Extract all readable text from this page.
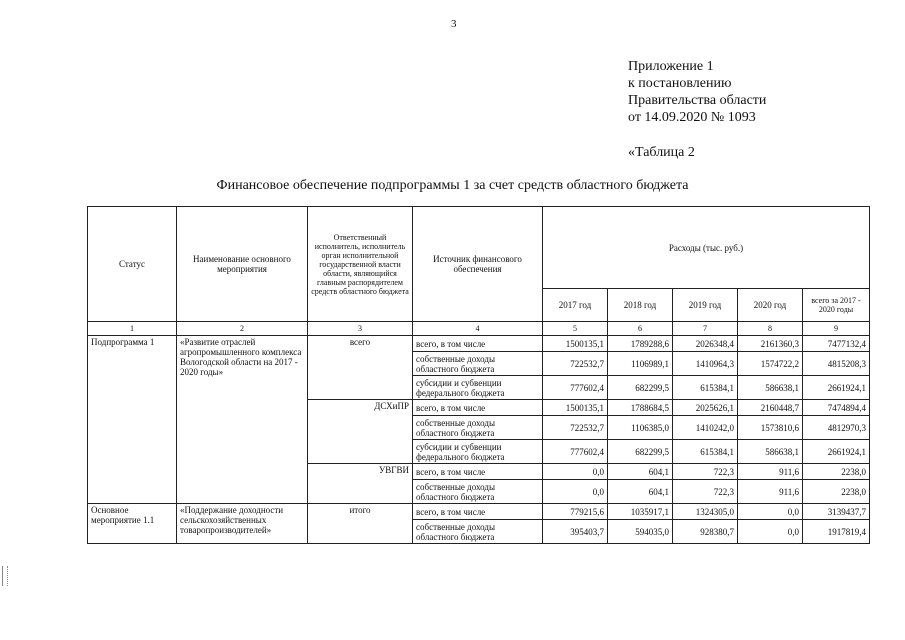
3
Приложение 1
к постановлению
Правительства области
от 14.09.2020 № 1093
«Таблица 2
Финансовое обеспечение подпрограммы 1 за счет средств областного бюджета
Статус	Наименование основного мероприятия	Ответственный исполнитель, исполнитель орган исполнительной государственной власти области, являющийся главным распорядителем средств областного бюджета	Источник финансового обеспечения	Расходы (тыс. руб.)				
				2017 год	2018 год	2019 год	2020 год	всего за 2017 - 2020 годы
1	2	3	4	5	6	7	8	9
Подпрограмма 1	«Развитие отраслей агропромышленного комплекса Вологодской области на 2017 - 2020 годы»	всего	всего, в том числе	1500135,1	1789288,6	2026348,4	2161360,3	7477132,4
			собственные доходы областного бюджета	722532,7	1106989,1	1410964,3	1574722,2	4815208,3
			субсидии и субвенции федерального бюджета	777602,4	682299,5	615384,1	586638,1	2661924,1
		ДСХиПР	всего, в том числе	1500135,1	1788684,5	2025626,1	2160448,7	7474894,4
			собственные доходы областного бюджета	722532,7	1106385,0	1410242,0	1573810,6	4812970,3
			субсидии и субвенции федерального бюджета	777602,4	682299,5	615384,1	586638,1	2661924,1
		УВГВИ	всего, в том числе	0,0	604,1	722,3	911,6	2238,0
			собственные доходы областного бюджета	0,0	604,1	722,3	911,6	2238,0
Основное мероприятие 1.1	«Поддержание доходности сельскохозяйственных товаропроизводителей»	итого	всего, в том числе	779215,6	1035917,1	1324305,0	0,0	3139437,7
			собственные доходы областного бюджета	395403,7	594035,0	928380,7	0,0	1917819,4
